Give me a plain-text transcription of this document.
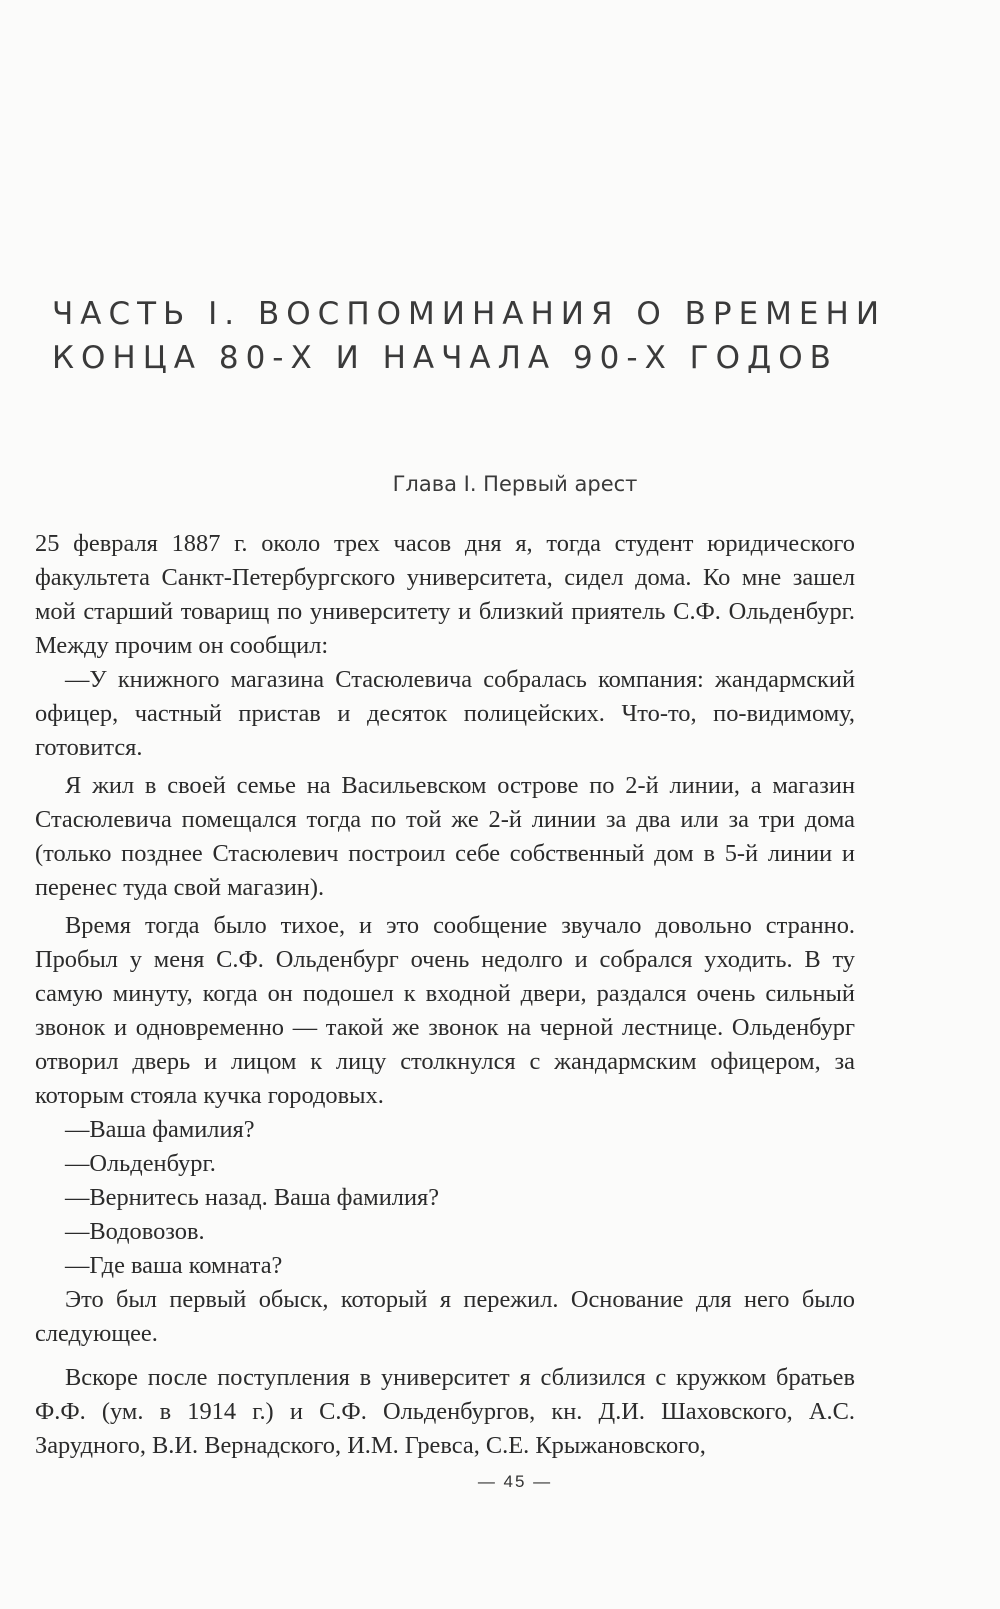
ЧАСТЬ I. ВОСПОМИНАНИЯ О ВРЕМЕНИ
КОНЦА 80-Х И НАЧАЛА 90-Х ГОДОВ
Глава I. Первый арест

25 февраля 1887 г. около трех часов дня я, тогда студент юридического факультета Санкт-Петербургского университета, сидел дома. Ко мне зашел мой старший товарищ по университету и близкий приятель С.Ф. Ольденбург. Между прочим он сообщил:

—У книжного магазина Стасюлевича собралась компания: жандармский офицер, частный пристав и десяток полицейских. Что-то, по-видимому, готовится.

Я жил в своей семье на Васильевском острове по 2-й линии, а магазин Стасюлевича помещался тогда по той же 2-й линии за два или за три дома (только позднее Стасюлевич построил себе собственный дом в 5-й линии и перенес туда свой магазин).

Время тогда было тихое, и это сообщение звучало довольно странно. Пробыл у меня С.Ф. Ольденбург очень недолго и собрался уходить. В ту самую минуту, когда он подошел к входной двери, раздался очень сильный звонок и одновременно — такой же звонок на черной лестнице. Ольденбург отворил дверь и лицом к лицу столкнулся с жандармским офицером, за которым стояла кучка городовых.

—Ваша фамилия?

—Ольденбург.

—Вернитесь назад. Ваша фамилия?

—Водовозов.

—Где ваша комната?

Это был первый обыск, который я пережил. Основание для него было следующее.

Вскоре после поступления в университет я сблизился с кружком братьев Ф.Ф. (ум. в 1914 г.) и С.Ф. Ольденбургов, кн. Д.И. Шаховского, А.С. Зарудного, В.И. Вернадского, И.М. Гревса, С.Е. Крыжановского,

— 45 —
